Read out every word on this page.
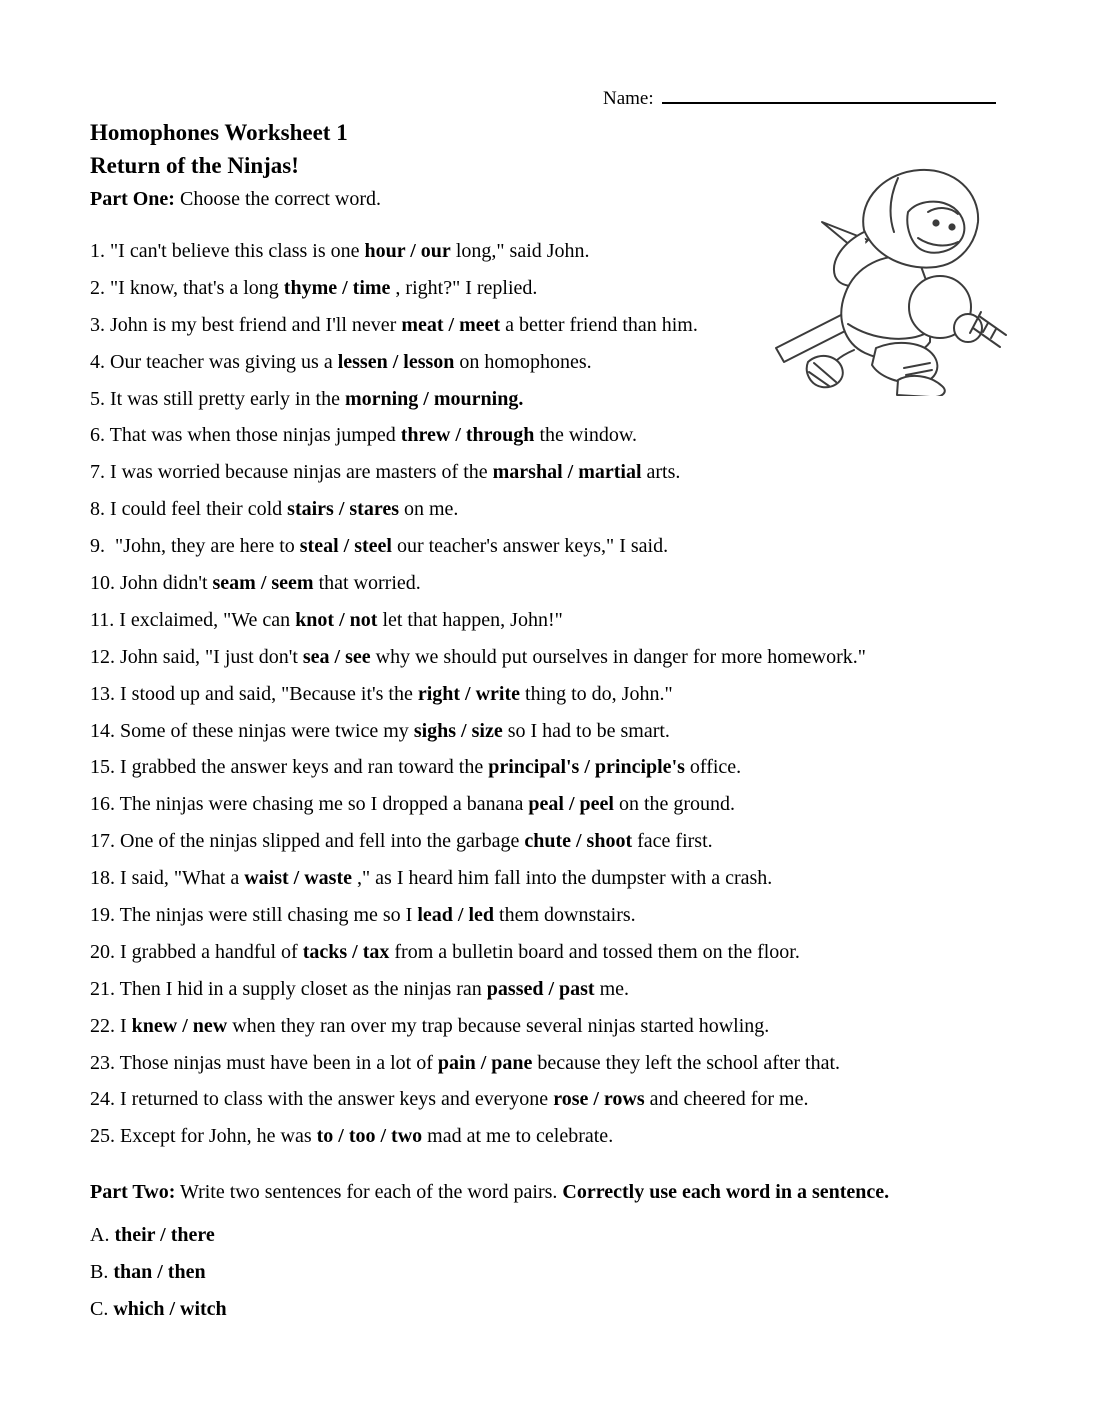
Name:
Homophones Worksheet 1
Return of the Ninjas!

Part One: Choose the correct word.

1. "I can't believe this class is one hour / our long," said John.

2. "I know, that's a long thyme / time , right?" I replied.

3. John is my best friend and I'll never meat / meet a better friend than him.

4. Our teacher was giving us a lessen / lesson on homophones.

5. It was still pretty early in the morning / mourning.

6. That was when those ninjas jumped threw / through the window.

7. I was worried because ninjas are masters of the marshal / martial arts.

8. I could feel their cold stairs / stares on me.

9.  "John, they are here to steal / steel our teacher's answer keys," I said.

10. John didn't seam / seem that worried.

11. I exclaimed, "We can knot / not let that happen, John!"

12. John said, "I just don't sea / see why we should put ourselves in danger for more homework."

13. I stood up and said, "Because it's the right / write thing to do, John."

14. Some of these ninjas were twice my sighs / size so I had to be smart.

15. I grabbed the answer keys and ran toward the principal's / principle's office.

16. The ninjas were chasing me so I dropped a banana peal / peel on the ground.

17. One of the ninjas slipped and fell into the garbage chute / shoot face first.

18. I said, "What a waist / waste ," as I heard him fall into the dumpster with a crash.

19. The ninjas were still chasing me so I lead / led them downstairs.

20. I grabbed a handful of tacks / tax from a bulletin board and tossed them on the floor.

21. Then I hid in a supply closet as the ninjas ran passed / past me.

22. I knew / new when they ran over my trap because several ninjas started howling.

23. Those ninjas must have been in a lot of pain / pane because they left the school after that.

24. I returned to class with the answer keys and everyone rose / rows and cheered for me.

25. Except for John, he was to / too / two mad at me to celebrate.

Part Two: Write two sentences for each of the word pairs. Correctly use each word in a sentence.

A. their / there

B. than / then

C. which / witch
